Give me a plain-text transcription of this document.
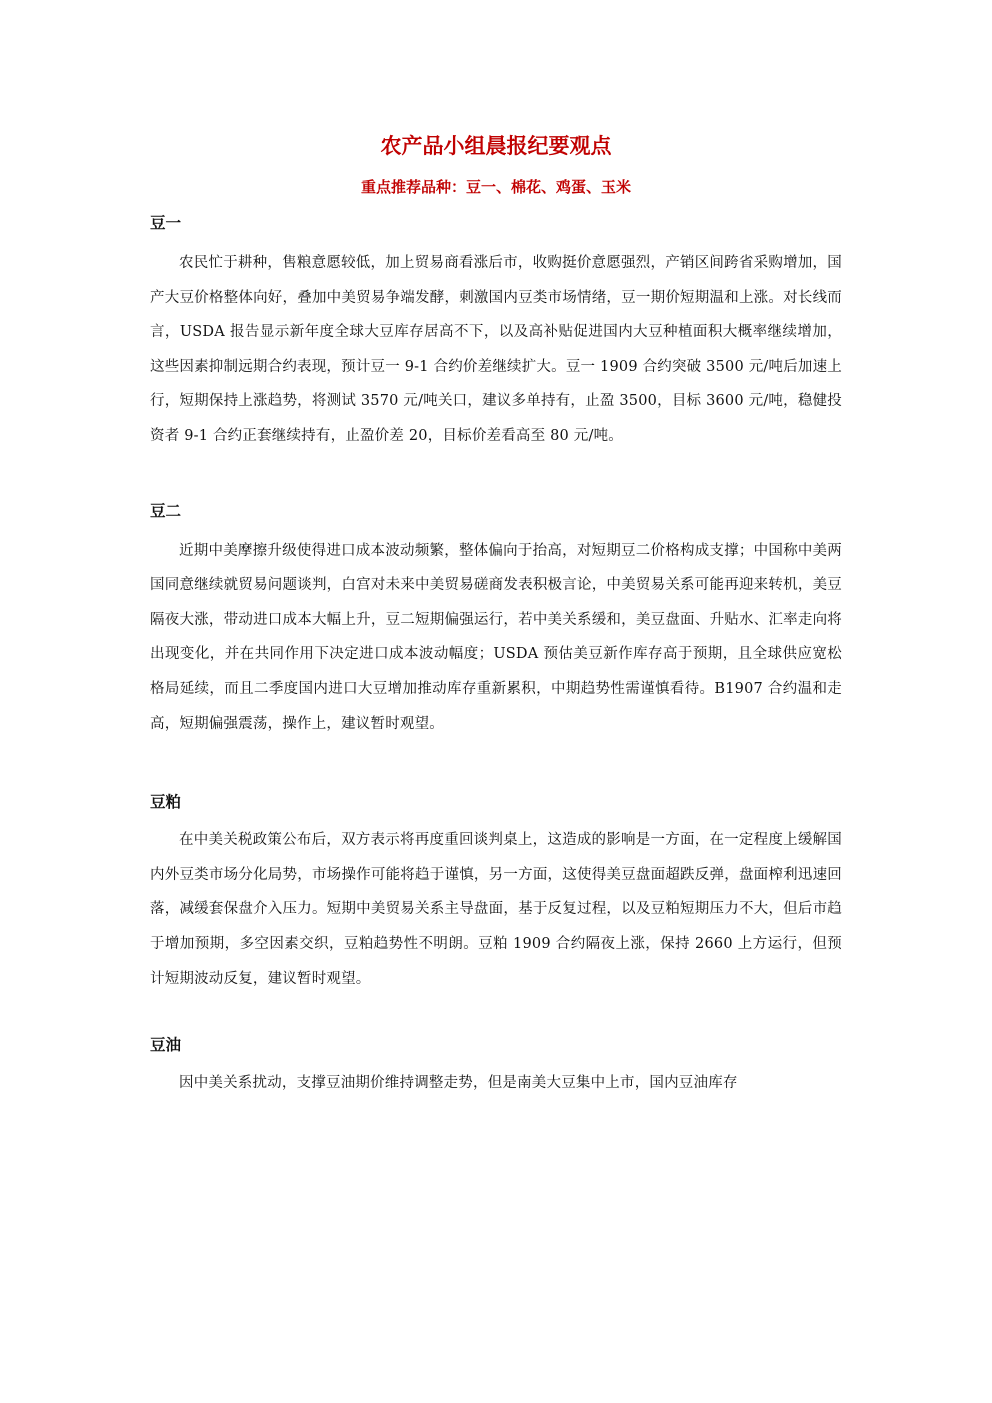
农产品小组晨报纪要观点
重点推荐品种：豆一、棉花、鸡蛋、玉米
豆一

农民忙于耕种，售粮意愿较低，加上贸易商看涨后市，收购挺价意愿强烈，产销区间跨省采购增加，国产大豆价格整体向好，叠加中美贸易争端发酵，刺激国内豆类市场情绪，豆一期价短期温和上涨。对长线而言，USDA 报告显示新年度全球大豆库存居高不下，以及高补贴促进国内大豆种植面积大概率继续增加，这些因素抑制远期合约表现，预计豆一 9-1 合约价差继续扩大。豆一 1909 合约突破 3500 元/吨后加速上行，短期保持上涨趋势，将测试 3570 元/吨关口，建议多单持有，止盈 3500，目标 3600 元/吨，稳健投资者 9-1 合约正套继续持有，止盈价差 20，目标价差看高至 80 元/吨。

豆二

近期中美摩擦升级使得进口成本波动频繁，整体偏向于抬高，对短期豆二价格构成支撑；中国称中美两国同意继续就贸易问题谈判，白宫对未来中美贸易磋商发表积极言论，中美贸易关系可能再迎来转机，美豆隔夜大涨，带动进口成本大幅上升，豆二短期偏强运行，若中美关系缓和，美豆盘面、升贴水、汇率走向将出现变化，并在共同作用下决定进口成本波动幅度；USDA 预估美豆新作库存高于预期，且全球供应宽松格局延续，而且二季度国内进口大豆增加推动库存重新累积，中期趋势性需谨慎看待。B1907 合约温和走高，短期偏强震荡，操作上，建议暂时观望。

豆粕

在中美关税政策公布后，双方表示将再度重回谈判桌上，这造成的影响是一方面，在一定程度上缓解国内外豆类市场分化局势，市场操作可能将趋于谨慎，另一方面，这使得美豆盘面超跌反弹，盘面榨利迅速回落，减缓套保盘介入压力。短期中美贸易关系主导盘面，基于反复过程，以及豆粕短期压力不大，但后市趋于增加预期，多空因素交织，豆粕趋势性不明朗。豆粕 1909 合约隔夜上涨，保持 2660 上方运行，但预计短期波动反复，建议暂时观望。

豆油

因中美关系扰动，支撑豆油期价维持调整走势，但是南美大豆集中上市，国内豆油库存
